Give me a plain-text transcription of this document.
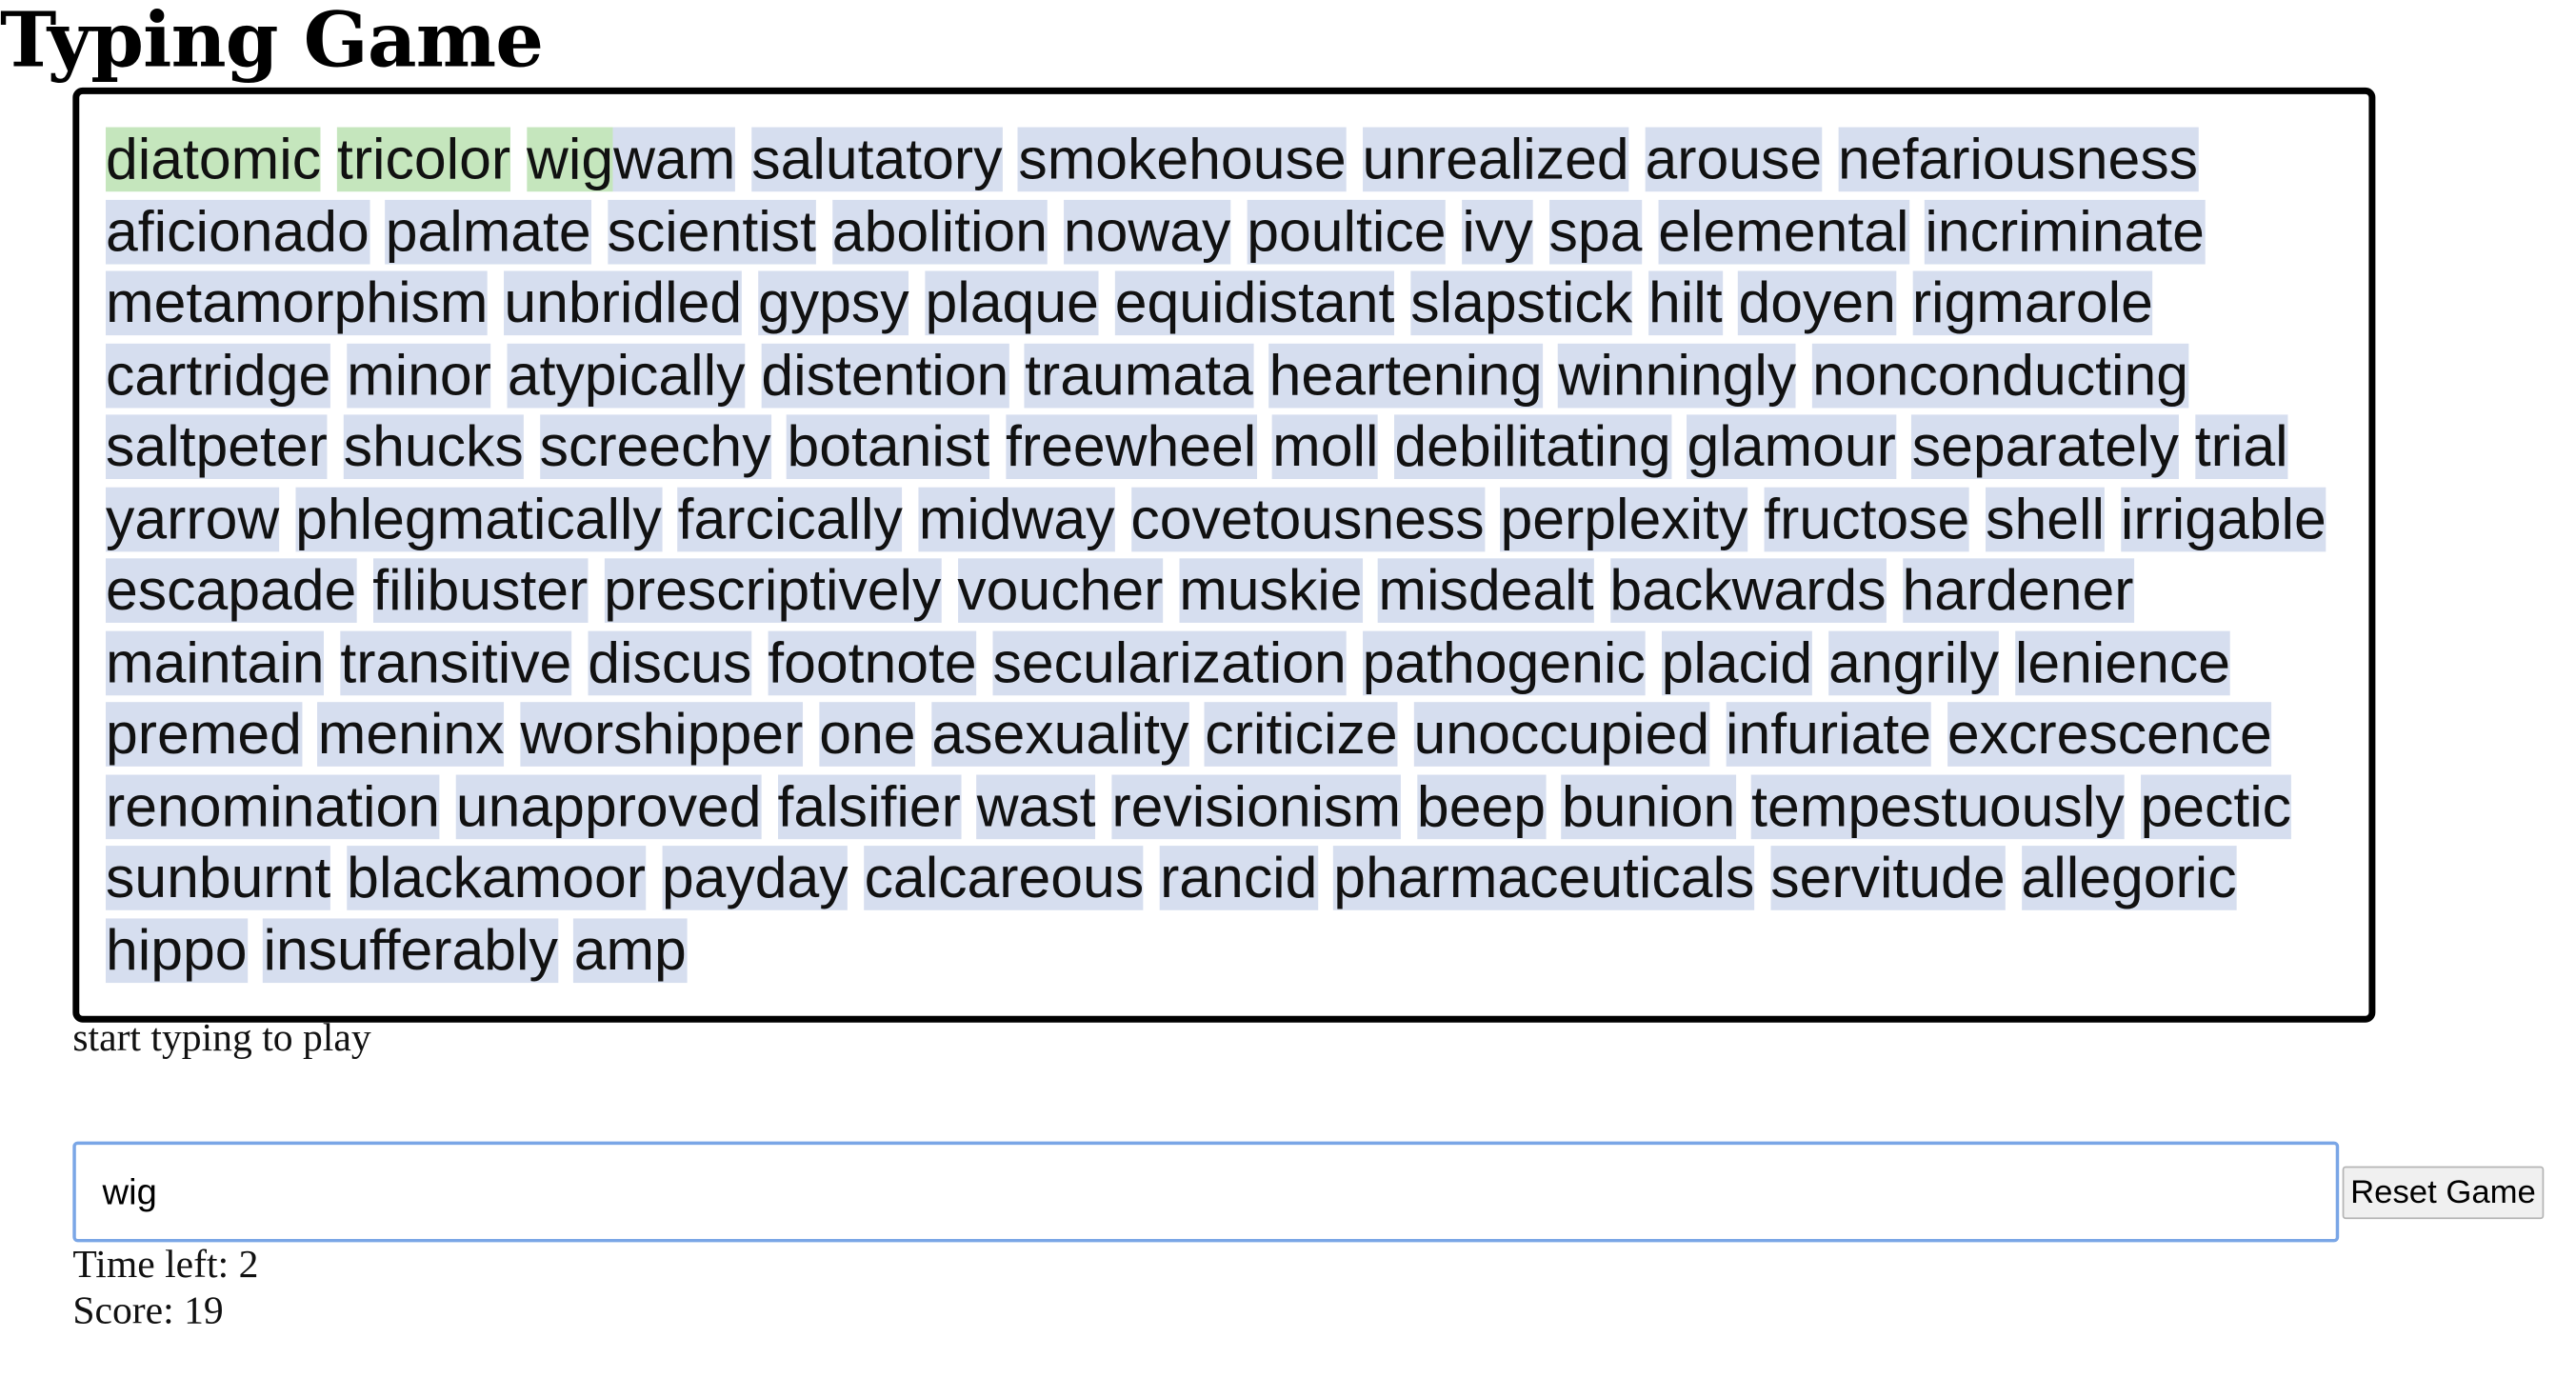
Typing Game
diatomic tricolor wigwam salutatory smokehouse unrealized arouse nefariousness aficionado palmate scientist abolition noway poultice ivy spa elemental incriminate metamorphism unbridled gypsy plaque equidistant slapstick hilt doyen rigmarole cartridge minor atypically distention traumata heartening winningly nonconducting saltpeter shucks screechy botanist freewheel moll debilitating glamour separately trial yarrow phlegmatically farcically midway covetousness perplexity fructose shell irrigable escapade filibuster prescriptively voucher muskie misdealt backwards hardener maintain transitive discus footnote secularization pathogenic placid angrily lenience premed meninx worshipper one asexuality criticize unoccupied infuriate excrescence renomination unapproved falsifier wast revisionism beep bunion tempestuously pectic sunburnt blackamoor payday calcareous rancid pharmaceuticals servitude allegoric hippo insufferably amp
start typing to play
wig
Reset Game
Time left: 2
Score: 19
